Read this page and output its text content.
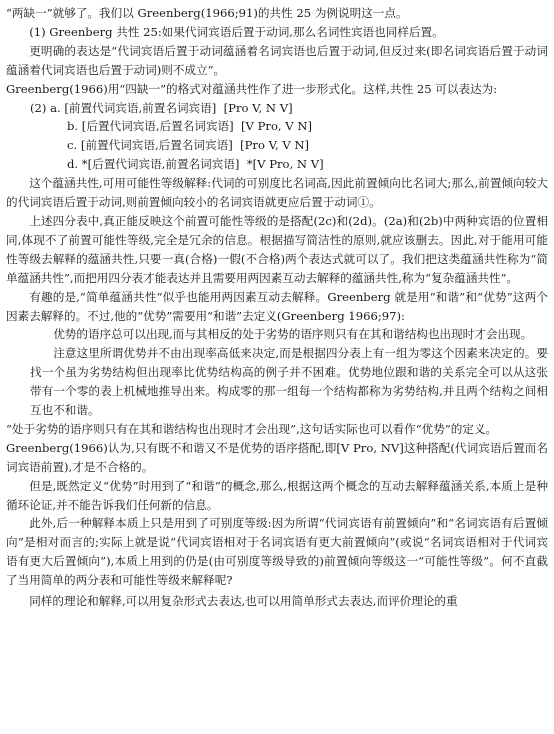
“两缺一”就够了。我们以 Greenberg(1966;91)的共性 25 为例说明这一点。

(1) Greenberg 共性 25:如果代词宾语后置于动词,那么名词性宾语也同样后置。

更明确的表达是“代词宾语后置于动词蕴涵着名词宾语也后置于动词,但反过来(即名词宾语后置于动词蕴涵着代词宾语也后置于动词)则不成立”。

Greenberg(1966)用“四缺一”的格式对蕴涵共性作了进一步形式化。这样,共性 25 可以表达为:

(2) a. [前置代词宾语,前置名词宾语]  [Pro V, N V]
b. [后置代词宾语,后置名词宾语]  [V Pro, V N]
c. [前置代词宾语,后置名词宾语]  [Pro V, V N]
d. *[后置代词宾语,前置名词宾语]  *[V Pro, N V]

这个蕴涵共性,可用可能性等级解释:代词的可别度比名词高,因此前置倾向比名词大;那么,前置倾向较大的代词宾语后置于动词,则前置倾向较小的名词宾语就更应后置于动词①。

上述四分表中,真正能反映这个前置可能性等级的是搭配(2c)和(2d)。(2a)和(2b)中两种宾语的位置相同,体现不了前置可能性等级,完全是冗余的信息。根据描写简洁性的原则,就应该删去。因此,对于能用可能性等级去解释的蕴涵共性,只要一真(合格)一假(不合格)两个表达式就可以了。我们把这类蕴涵共性称为“简单蕴涵共性”,而把用四分表才能表达并且需要用两因素互动去解释的蕴涵共性,称为“复杂蕴涵共性”。

有趣的是,“简单蕴涵共性”似乎也能用两因素互动去解释。Greenberg 就是用“和谐”和“优势”这两个因素去解释的。不过,他的“优势”需要用“和谐”去定义(Greenberg 1966;97):

优势的语序总可以出现,而与其相反的处于劣势的语序则只有在其和谐结构也出现时才会出现。

注意这里所谓优势并不由出现率高低来决定,而是根据四分表上有一组为零这个因素来决定的。要找一个虽为劣势结构但出现率比优势结构高的例子并不困难。优势地位跟和谐的关系完全可以从这张带有一个零的表上机械地推导出来。构成零的那一组每一个结构都称为劣势结构,并且两个结构之间相互也不和谐。

“处于劣势的语序则只有在其和谐结构也出现时才会出现”,这句话实际也可以看作“优势”的定义。

Greenberg(1966)认为,只有既不和谐又不是优势的语序搭配,即[V Pro, NV]这种搭配(代词宾语后置而名词宾语前置),才是不合格的。

但是,既然定义“优势”时用到了“和谐”的概念,那么,根据这两个概念的互动去解释蕴涵关系,本质上是种循环论证,并不能告诉我们任何新的信息。

此外,后一种解释本质上只是用到了可别度等级:因为所谓“代词宾语有前置倾向”和“名词宾语有后置倾向”是相对而言的;实际上就是说“代词宾语相对于名词宾语有更大前置倾向”(或说“名词宾语相对于代词宾语有更大后置倾向”),本质上用到的仍是(由可别度等级导致的)前置倾向等级这一“可能性等级”。何不直截了当用简单的两分表和可能性等级来解释呢?

同样的理论和解释,可以用复杂形式去表达,也可以用简单形式去表达,而评价理论的重
